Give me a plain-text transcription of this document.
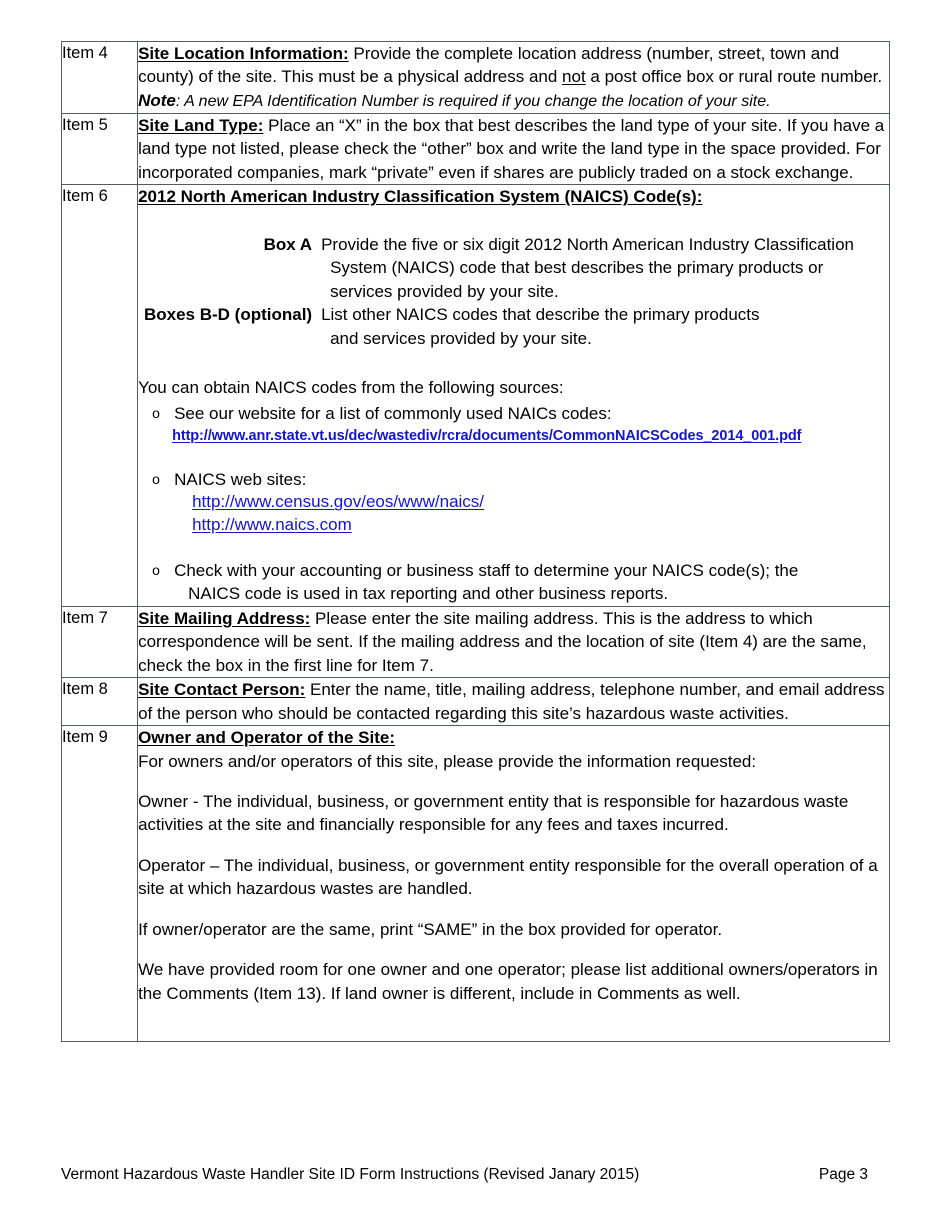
Item 4	Site Location Information: Provide the complete location address (number, street, town and county) of the site. This must be a physical address and not a post office box or rural route number.

Note: A new EPA Identification Number is required if you change the location of your site.

Item 5	Site Land Type: Place an “X” in the box that best describes the land type of your site. If you have a land type not listed, please check the “other” box and write the land type in the space provided. For incorporated companies, mark “private” even if shares are publicly traded on a stock exchange.

Item 6	2012 North American Industry Classification System (NAICS) Code(s):

Box A Provide the five or six digit 2012 North American Industry Classification
System (NAICS) code that best describes the primary products or
services provided by your site.
Boxes B-D (optional) List other NAICS codes that describe the primary products
and services provided by your site.

You can obtain NAICS codes from the following sources:

o See our website for a list of commonly used NAICs codes:
http://www.anr.state.vt.us/dec/wastediv/rcra/documents/CommonNAICSCodes_2014_001.pdf
o NAICS web sites:
http://www.census.gov/eos/www/naics/
http://www.naics.com
o Check with your accounting or business staff to determine your NAICS code(s); the
NAICS code is used in tax reporting and other business reports.

Item 7	Site Mailing Address: Please enter the site mailing address. This is the address to which correspondence will be sent. If the mailing address and the location of site (Item 4) are the same, check the box in the first line for Item 7.

Item 8	Site Contact Person: Enter the name, title, mailing address, telephone number, and email address of the person who should be contacted regarding this site’s hazardous waste activities.

Item 9	Owner and Operator of the Site:

For owners and/or operators of this site, please provide the information requested:

Owner - The individual, business, or government entity that is responsible for hazardous waste activities at the site and financially responsible for any fees and taxes incurred.

Operator – The individual, business, or government entity responsible for the overall operation of a site at which hazardous wastes are handled.

If owner/operator are the same, print “SAME” in the box provided for operator.

We have provided room for one owner and one operator; please list additional owners/operators in the Comments (Item 13). If land owner is different, include in Comments as well.

Vermont Hazardous Waste Handler Site ID Form Instructions (Revised Janary 2015)	Page 3
